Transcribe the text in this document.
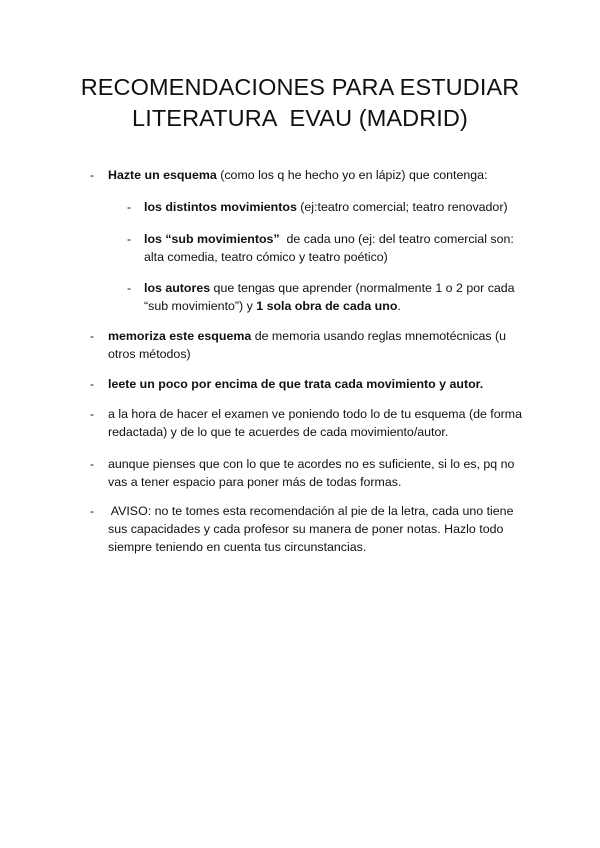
RECOMENDACIONES PARA ESTUDIAR
LITERATURA  EVAU (MADRID)
- Hazte un esquema (como los q he hecho yo en lápiz) que contenga:
- los distintos movimientos (ej:teatro comercial; teatro renovador)
- los “sub movimientos”  de cada uno (ej: del teatro comercial son:
alta comedia, teatro cómico y teatro poético)
- los autores que tengas que aprender (normalmente 1 o 2 por cada
“sub movimiento”) y 1 sola obra de cada uno.
- memoriza este esquema de memoria usando reglas mnemotécnicas (u
otros métodos)
- leete un poco por encima de que trata cada movimiento y autor.
- a la hora de hacer el examen ve poniendo todo lo de tu esquema (de forma
redactada) y de lo que te acuerdes de cada movimiento/autor.
- aunque pienses que con lo que te acordes no es suficiente, si lo es, pq no
vas a tener espacio para poner más de todas formas.
- AVISO: no te tomes esta recomendación al pie de la letra, cada uno tiene
sus capacidades y cada profesor su manera de poner notas. Hazlo todo
siempre teniendo en cuenta tus circunstancias.
